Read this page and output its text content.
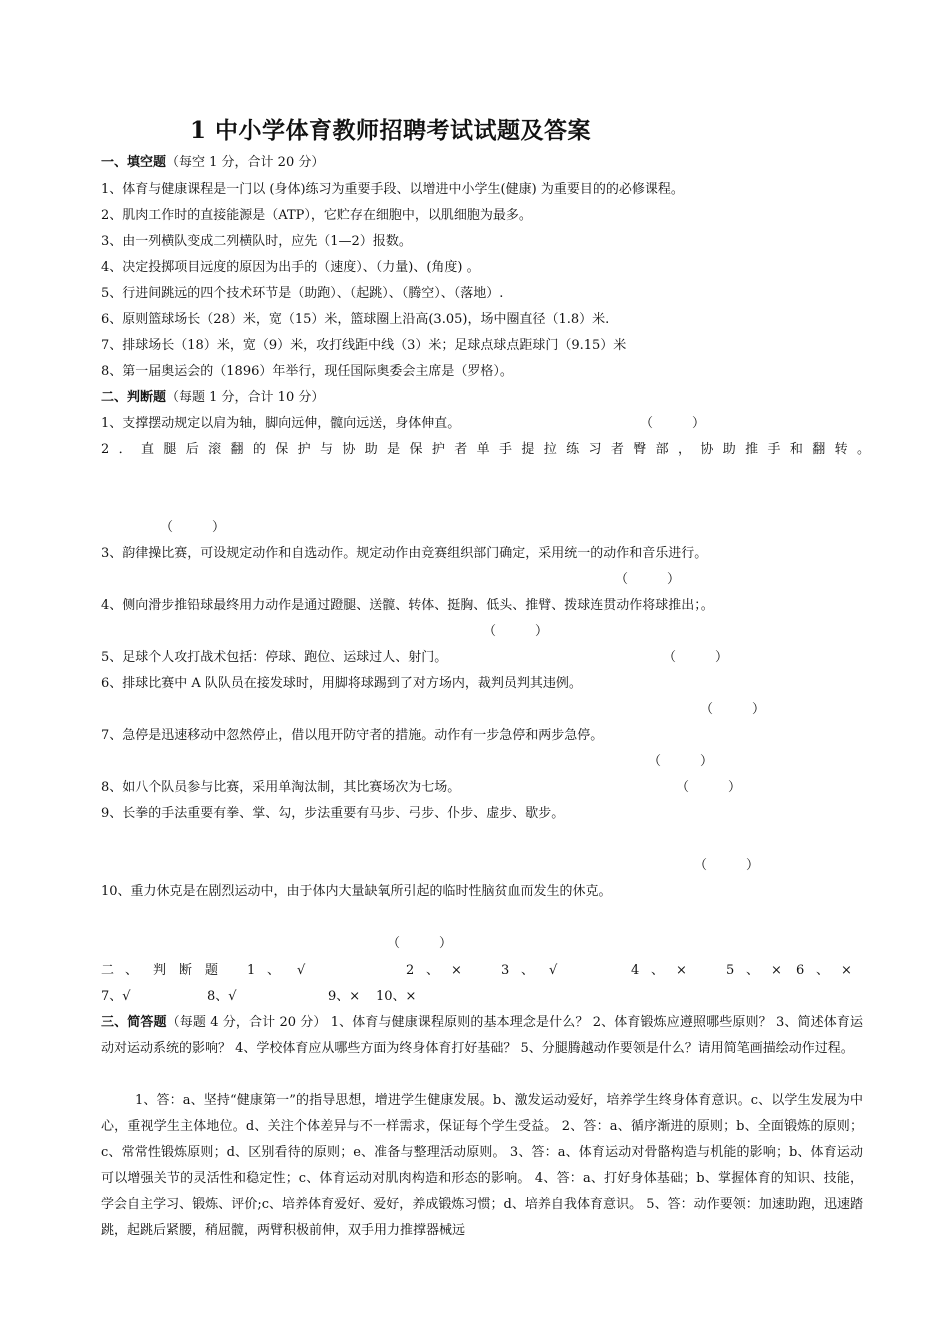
1 中小学体育教师招聘考试试题及答案
一、填空题（每空 1 分，合计 20 分）
1、体育与健康课程是一门以 (身体)练习为重要手段、以增进中小学生(健康) 为重要目的的必修课程。
2、肌肉工作时的直接能源是（ATP），它贮存在细胞中，以肌细胞为最多。
3、由一列横队变成二列横队时，应先（1—2）报数。
4、决定投掷项目远度的原因为出手的（速度）、（力量)、(角度) 。
5、行进间跳远的四个技术环节是（助跑）、（起跳）、（腾空）、（落地）.
6、原则篮球场长（28）米，宽（15）米，篮球圈上沿高(3.05)，场中圈直径（1.8）米.
7、排球场长（18）米，宽（9）米，攻打线距中线（3）米；足球点球点距球门（9.15）米
8、第一届奥运会的（1896）年举行，现任国际奥委会主席是（罗格）。
二、判断题（每题 1 分，合计 10 分）
1、支撑摆动规定以肩为轴，脚向远伸，髋向远送，身体伸直。	（　　　）
2．直腿后滚翻的保护与协助是保护者单手提拉练习者臀部，协助推手和翻转。
（　　　）
3、韵律操比赛，可设规定动作和自选动作。规定动作由竞赛组织部门确定，采用统一的动作和音乐进行。
（　　　）
4、侧向滑步推铅球最终用力动作是通过蹬腿、送髋、转体、挺胸、低头、推臂、拨球连贯动作将球推出；。
（　　　）
5、足球个人攻打战术包括：停球、跑位、运球过人、射门。	（　　　）
6、排球比赛中 A 队队员在接发球时，用脚将球踢到了对方场内，裁判员判其违例。
（　　　）
7、急停是迅速移动中忽然停止，借以甩开防守者的措施。动作有一步急停和两步急停。
（　　　）
8、如八个队员参与比赛，采用单淘汰制，其比赛场次为七场。	（　　　）
9、长拳的手法重要有拳、掌、勾，步法重要有马步、弓步、仆步、虚步、歇步。
（　　　）
10、重力休克是在剧烈运动中，由于体内大量缺氧所引起的临时性脑贫血而发生的休克。
（　　　）
二 、 判 断 题 1 、 √	2 、 ×	3 、 √	4 、 ×	5 、 × 6 、 ×
7、√	8、√	9、× 10、×
三、简答题（每题 4 分，合计 20 分） 1、体育与健康课程原则的基本理念是什么？ 2、体育锻炼应遵照哪些原则？ 3、简述体育运动对运动系统的影响？ 4、学校体育应从哪些方面为终身体育打好基础？ 5、分腿腾越动作要领是什么？请用简笔画描绘动作过程。
1、答：a、坚持“健康第一”的指导思想，增进学生健康发展。b、激发运动爱好，培养学生终身体育意识。c、以学生发展为中心，重视学生主体地位。d、关注个体差异与不一样需求，保证每个学生受益。 2、答：a、循序渐进的原则；b、全面锻炼的原则；c、常常性锻炼原则；d、区别看待的原则；e、准备与整理活动原则。 3、答：a、体育运动对骨骼构造与机能的影响；b、体育运动可以增强关节的灵活性和稳定性；c、体育运动对肌肉构造和形态的影响。 4、答：a、打好身体基础；b、掌握体育的知识、技能，学会自主学习、锻炼、评价;c、培养体育爱好、爱好，养成锻炼习惯；d、培养自我体育意识。 5、答：动作要领：加速助跑，迅速踏跳，起跳后紧腰，稍屈髋，两臂积极前伸，双手用力推撑器械远
